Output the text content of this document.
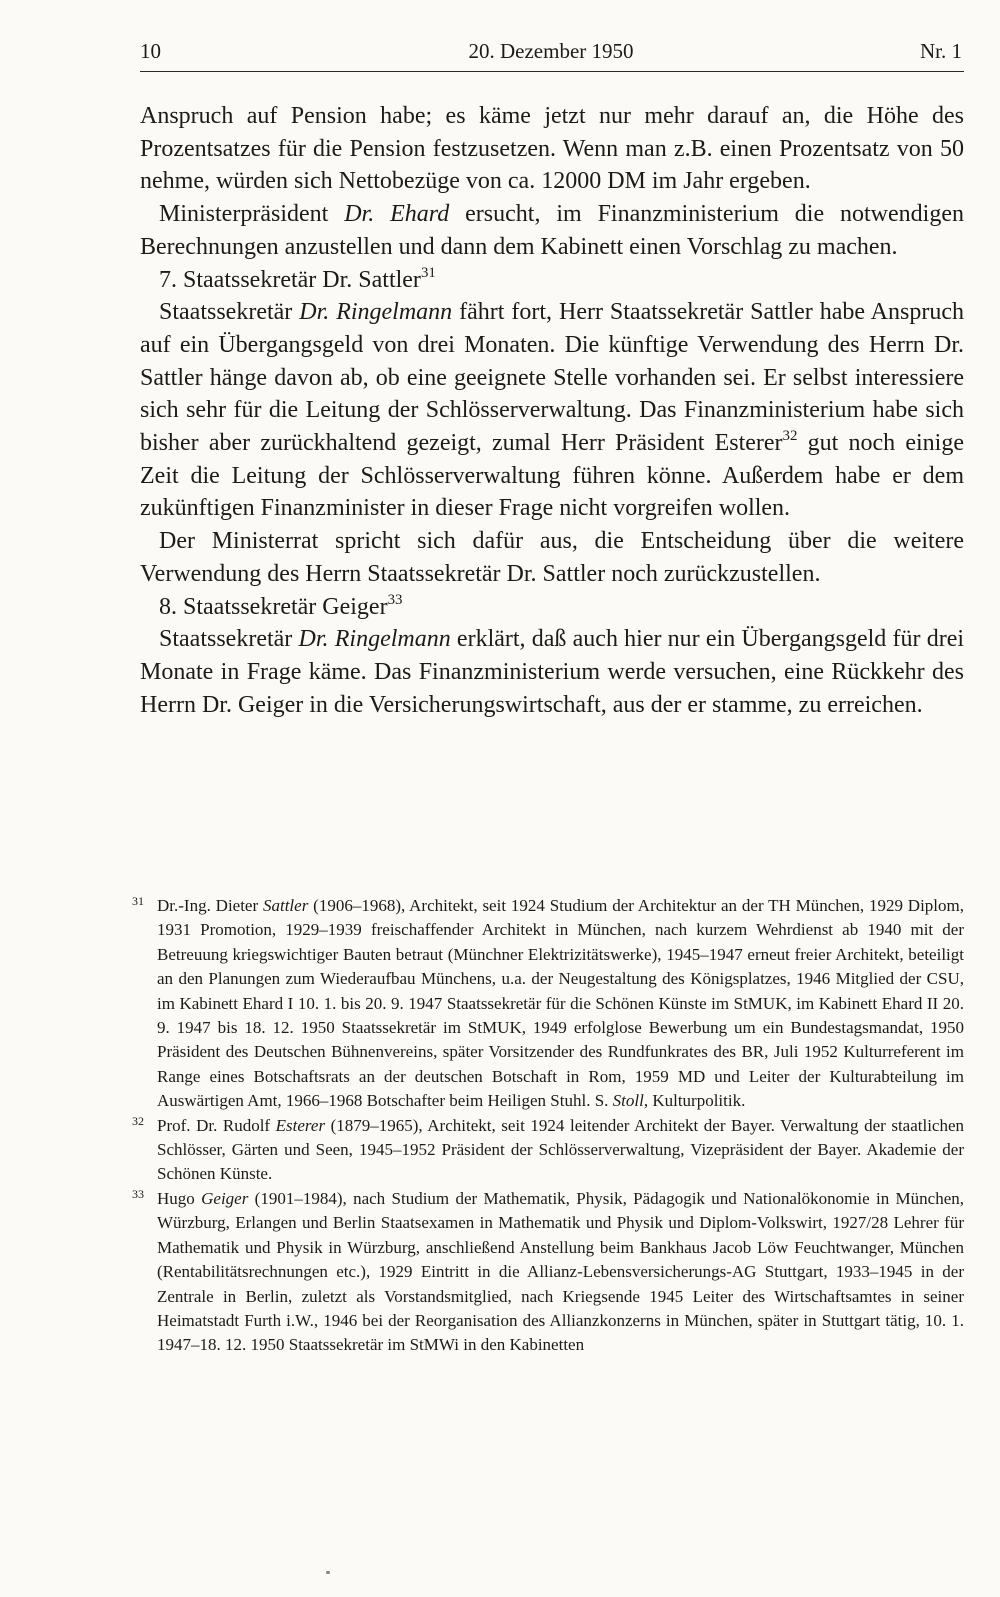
10	20. Dezember 1950	Nr. 1

Anspruch auf Pension habe; es käme jetzt nur mehr darauf an, die Höhe des Prozentsatzes für die Pension festzusetzen. Wenn man z.B. einen Prozentsatz von 50 nehme, würden sich Nettobezüge von ca. 12000 DM im Jahr ergeben.

Ministerpräsident Dr. Ehard ersucht, im Finanzministerium die notwendigen Berechnungen anzustellen und dann dem Kabinett einen Vorschlag zu machen.

7. Staatssekretär Dr. Sattler$^{31}$

Staatssekretär Dr. Ringelmann fährt fort, Herr Staatssekretär Sattler habe Anspruch auf ein Übergangsgeld von drei Monaten. Die künftige Verwendung des Herrn Dr. Sattler hänge davon ab, ob eine geeignete Stelle vorhanden sei. Er selbst interessiere sich sehr für die Leitung der Schlösserverwaltung. Das Finanzministerium habe sich bisher aber zurückhaltend gezeigt, zumal Herr Präsident Esterer$^{32}$ gut noch einige Zeit die Leitung der Schlösserverwaltung führen könne. Außerdem habe er dem zukünftigen Finanzminister in dieser Frage nicht vorgreifen wollen.

Der Ministerrat spricht sich dafür aus, die Entscheidung über die weitere Verwendung des Herrn Staatssekretär Dr. Sattler noch zurückzustellen.

8. Staatssekretär Geiger$^{33}$

Staatssekretär Dr. Ringelmann erklärt, daß auch hier nur ein Übergangsgeld für drei Monate in Frage käme. Das Finanzministerium werde versuchen, eine Rückkehr des Herrn Dr. Geiger in die Versicherungswirtschaft, aus der er stamme, zu erreichen.

31 Dr.-Ing. Dieter Sattler (1906–1968), Architekt, seit 1924 Studium der Architektur an der TH München, 1929 Diplom, 1931 Promotion, 1929–1939 freischaffender Architekt in München, nach kurzem Wehrdienst ab 1940 mit der Betreuung kriegswichtiger Bauten betraut (Münchner Elektrizitätswerke), 1945–1947 erneut freier Architekt, beteiligt an den Planungen zum Wiederaufbau Münchens, u.a. der Neugestaltung des Königsplatzes, 1946 Mitglied der CSU, im Kabinett Ehard I 10. 1. bis 20. 9. 1947 Staatssekretär für die Schönen Künste im StMUK, im Kabinett Ehard II 20. 9. 1947 bis 18. 12. 1950 Staatssekretär im StMUK, 1949 erfolglose Bewerbung um ein Bundestagsmandat, 1950 Präsident des Deutschen Bühnenvereins, später Vorsitzender des Rundfunkrates des BR, Juli 1952 Kulturreferent im Range eines Botschaftsrats an der deutschen Botschaft in Rom, 1959 MD und Leiter der Kulturabteilung im Auswärtigen Amt, 1966–1968 Botschafter beim Heiligen Stuhl. S. Stoll, Kulturpolitik.
32 Prof. Dr. Rudolf Esterer (1879–1965), Architekt, seit 1924 leitender Architekt der Bayer. Verwaltung der staatlichen Schlösser, Gärten und Seen, 1945–1952 Präsident der Schlösserverwaltung, Vizepräsident der Bayer. Akademie der Schönen Künste.
33 Hugo Geiger (1901–1984), nach Studium der Mathematik, Physik, Pädagogik und Nationalökonomie in München, Würzburg, Erlangen und Berlin Staatsexamen in Mathematik und Physik und Diplom-Volkswirt, 1927/28 Lehrer für Mathematik und Physik in Würzburg, anschließend Anstellung beim Bankhaus Jacob Löw Feuchtwanger, München (Rentabilitätsrechnungen etc.), 1929 Eintritt in die Allianz-Lebensversicherungs-AG Stuttgart, 1933–1945 in der Zentrale in Berlin, zuletzt als Vorstandsmitglied, nach Kriegsende 1945 Leiter des Wirtschaftsamtes in seiner Heimatstadt Furth i.W., 1946 bei der Reorganisation des Allianzkonzerns in München, später in Stuttgart tätig, 10. 1. 1947–18. 12. 1950 Staatssekretär im StMWi in den Kabinetten
